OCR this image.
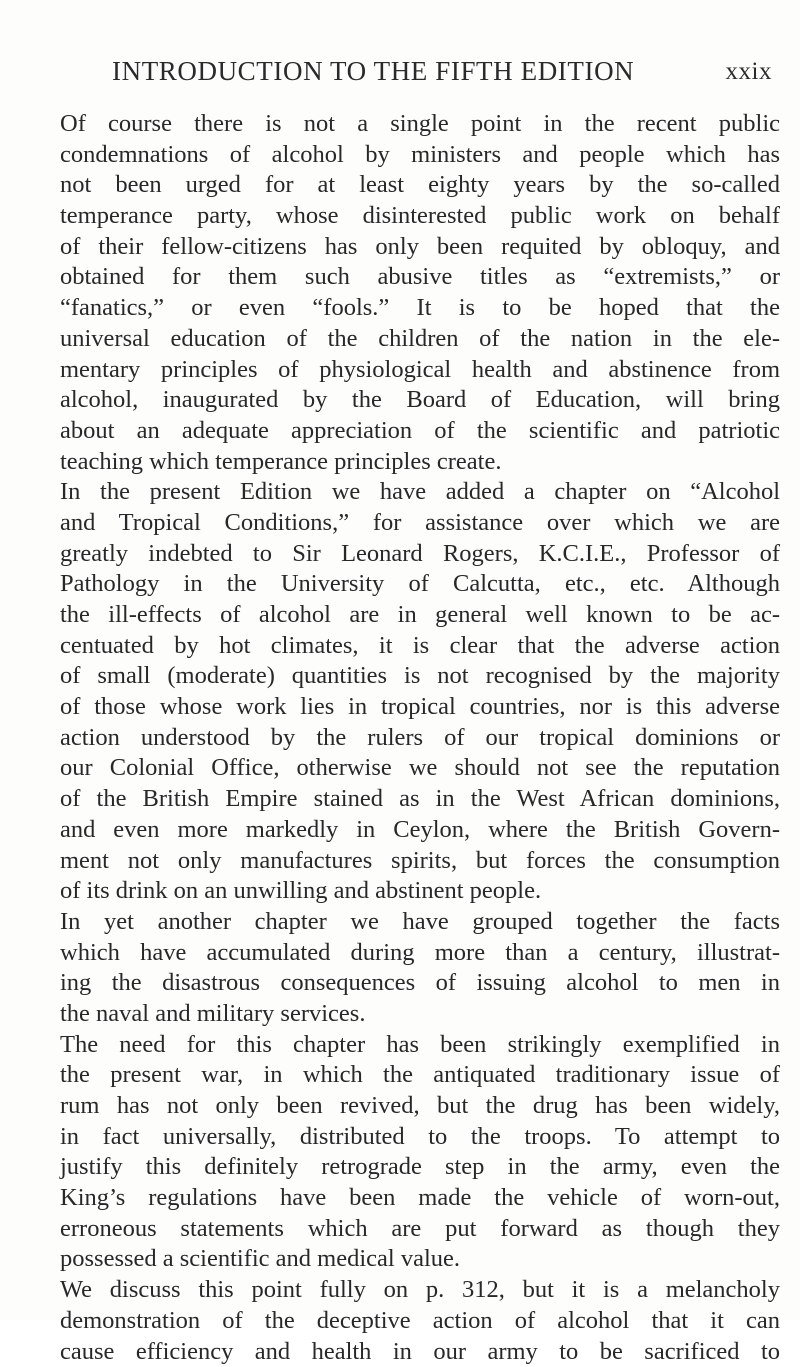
INTRODUCTION TO THE FIFTH EDITION	xxix
Of course there is not a single point in the recent public
condemnations of alcohol by ministers and people which has
not been urged for at least eighty years by the so-called
temperance party, whose disinterested public work on behalf
of their fellow-citizens has only been requited by obloquy, and
obtained for them such abusive titles as “extremists,” or
“fanatics,” or even “fools.” It is to be hoped that the
universal education of the children of the nation in the ele-
mentary principles of physiological health and abstinence from
alcohol, inaugurated by the Board of Education, will bring
about an adequate appreciation of the scientific and patriotic
teaching which temperance principles create.
In the present Edition we have added a chapter on “Alcohol
and Tropical Conditions,” for assistance over which we are
greatly indebted to Sir Leonard Rogers, K.C.I.E., Professor of
Pathology in the University of Calcutta, etc., etc. Although
the ill-effects of alcohol are in general well known to be ac-
centuated by hot climates, it is clear that the adverse action
of small (moderate) quantities is not recognised by the majority
of those whose work lies in tropical countries, nor is this adverse
action understood by the rulers of our tropical dominions or
our Colonial Office, otherwise we should not see the reputation
of the British Empire stained as in the West African dominions,
and even more markedly in Ceylon, where the British Govern-
ment not only manufactures spirits, but forces the consumption
of its drink on an unwilling and abstinent people.
In yet another chapter we have grouped together the facts
which have accumulated during more than a century, illustrat-
ing the disastrous consequences of issuing alcohol to men in
the naval and military services.
The need for this chapter has been strikingly exemplified in
the present war, in which the antiquated traditionary issue of
rum has not only been revived, but the drug has been widely,
in fact universally, distributed to the troops. To attempt to
justify this definitely retrograde step in the army, even the
King’s regulations have been made the vehicle of worn-out,
erroneous statements which are put forward as though they
possessed a scientific and medical value.
We discuss this point fully on p. 312, but it is a melancholy
demonstration of the deceptive action of alcohol that it can
cause efficiency and health in our army to be sacrificed to
